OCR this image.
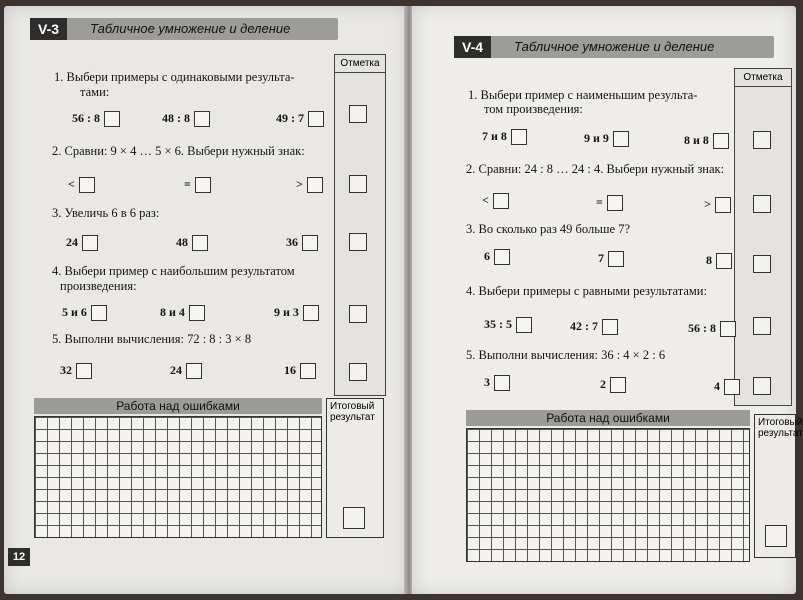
V-3	Табличное умножение и деление
Отметка
1. Выбери примеры с одинаковыми результа-
тами:
56 : 8	48 : 8	49 : 7
2. Сравни: 9 × 4 … 5 × 6. Выбери нужный знак:
<	=	>
3. Увеличь 6 в 6 раз:
24	48	36
4. Выбери пример с наибольшим результатом
произведения:
5 и 6	8 и 4	9 и 3
5. Выполни вычисления: 72 : 8 : 3 × 8
32	24	16
Работа над ошибками	Итоговый результат
12
V-4	Табличное умножение и деление
Отметка
1. Выбери пример с наименьшим результа-
том произведения:
7 и 8	9 и 9	8 и 8
2. Сравни: 24 : 8 … 24 : 4. Выбери нужный знак:
<	=	>
3. Во сколько раз 49 больше 7?
6	7	8
4. Выбери примеры с равными результатами:
35 : 5	42 : 7	56 : 8
5. Выполни вычисления: 36 : 4 × 2 : 6
3	2	4
Работа над ошибками	Итоговый результат
